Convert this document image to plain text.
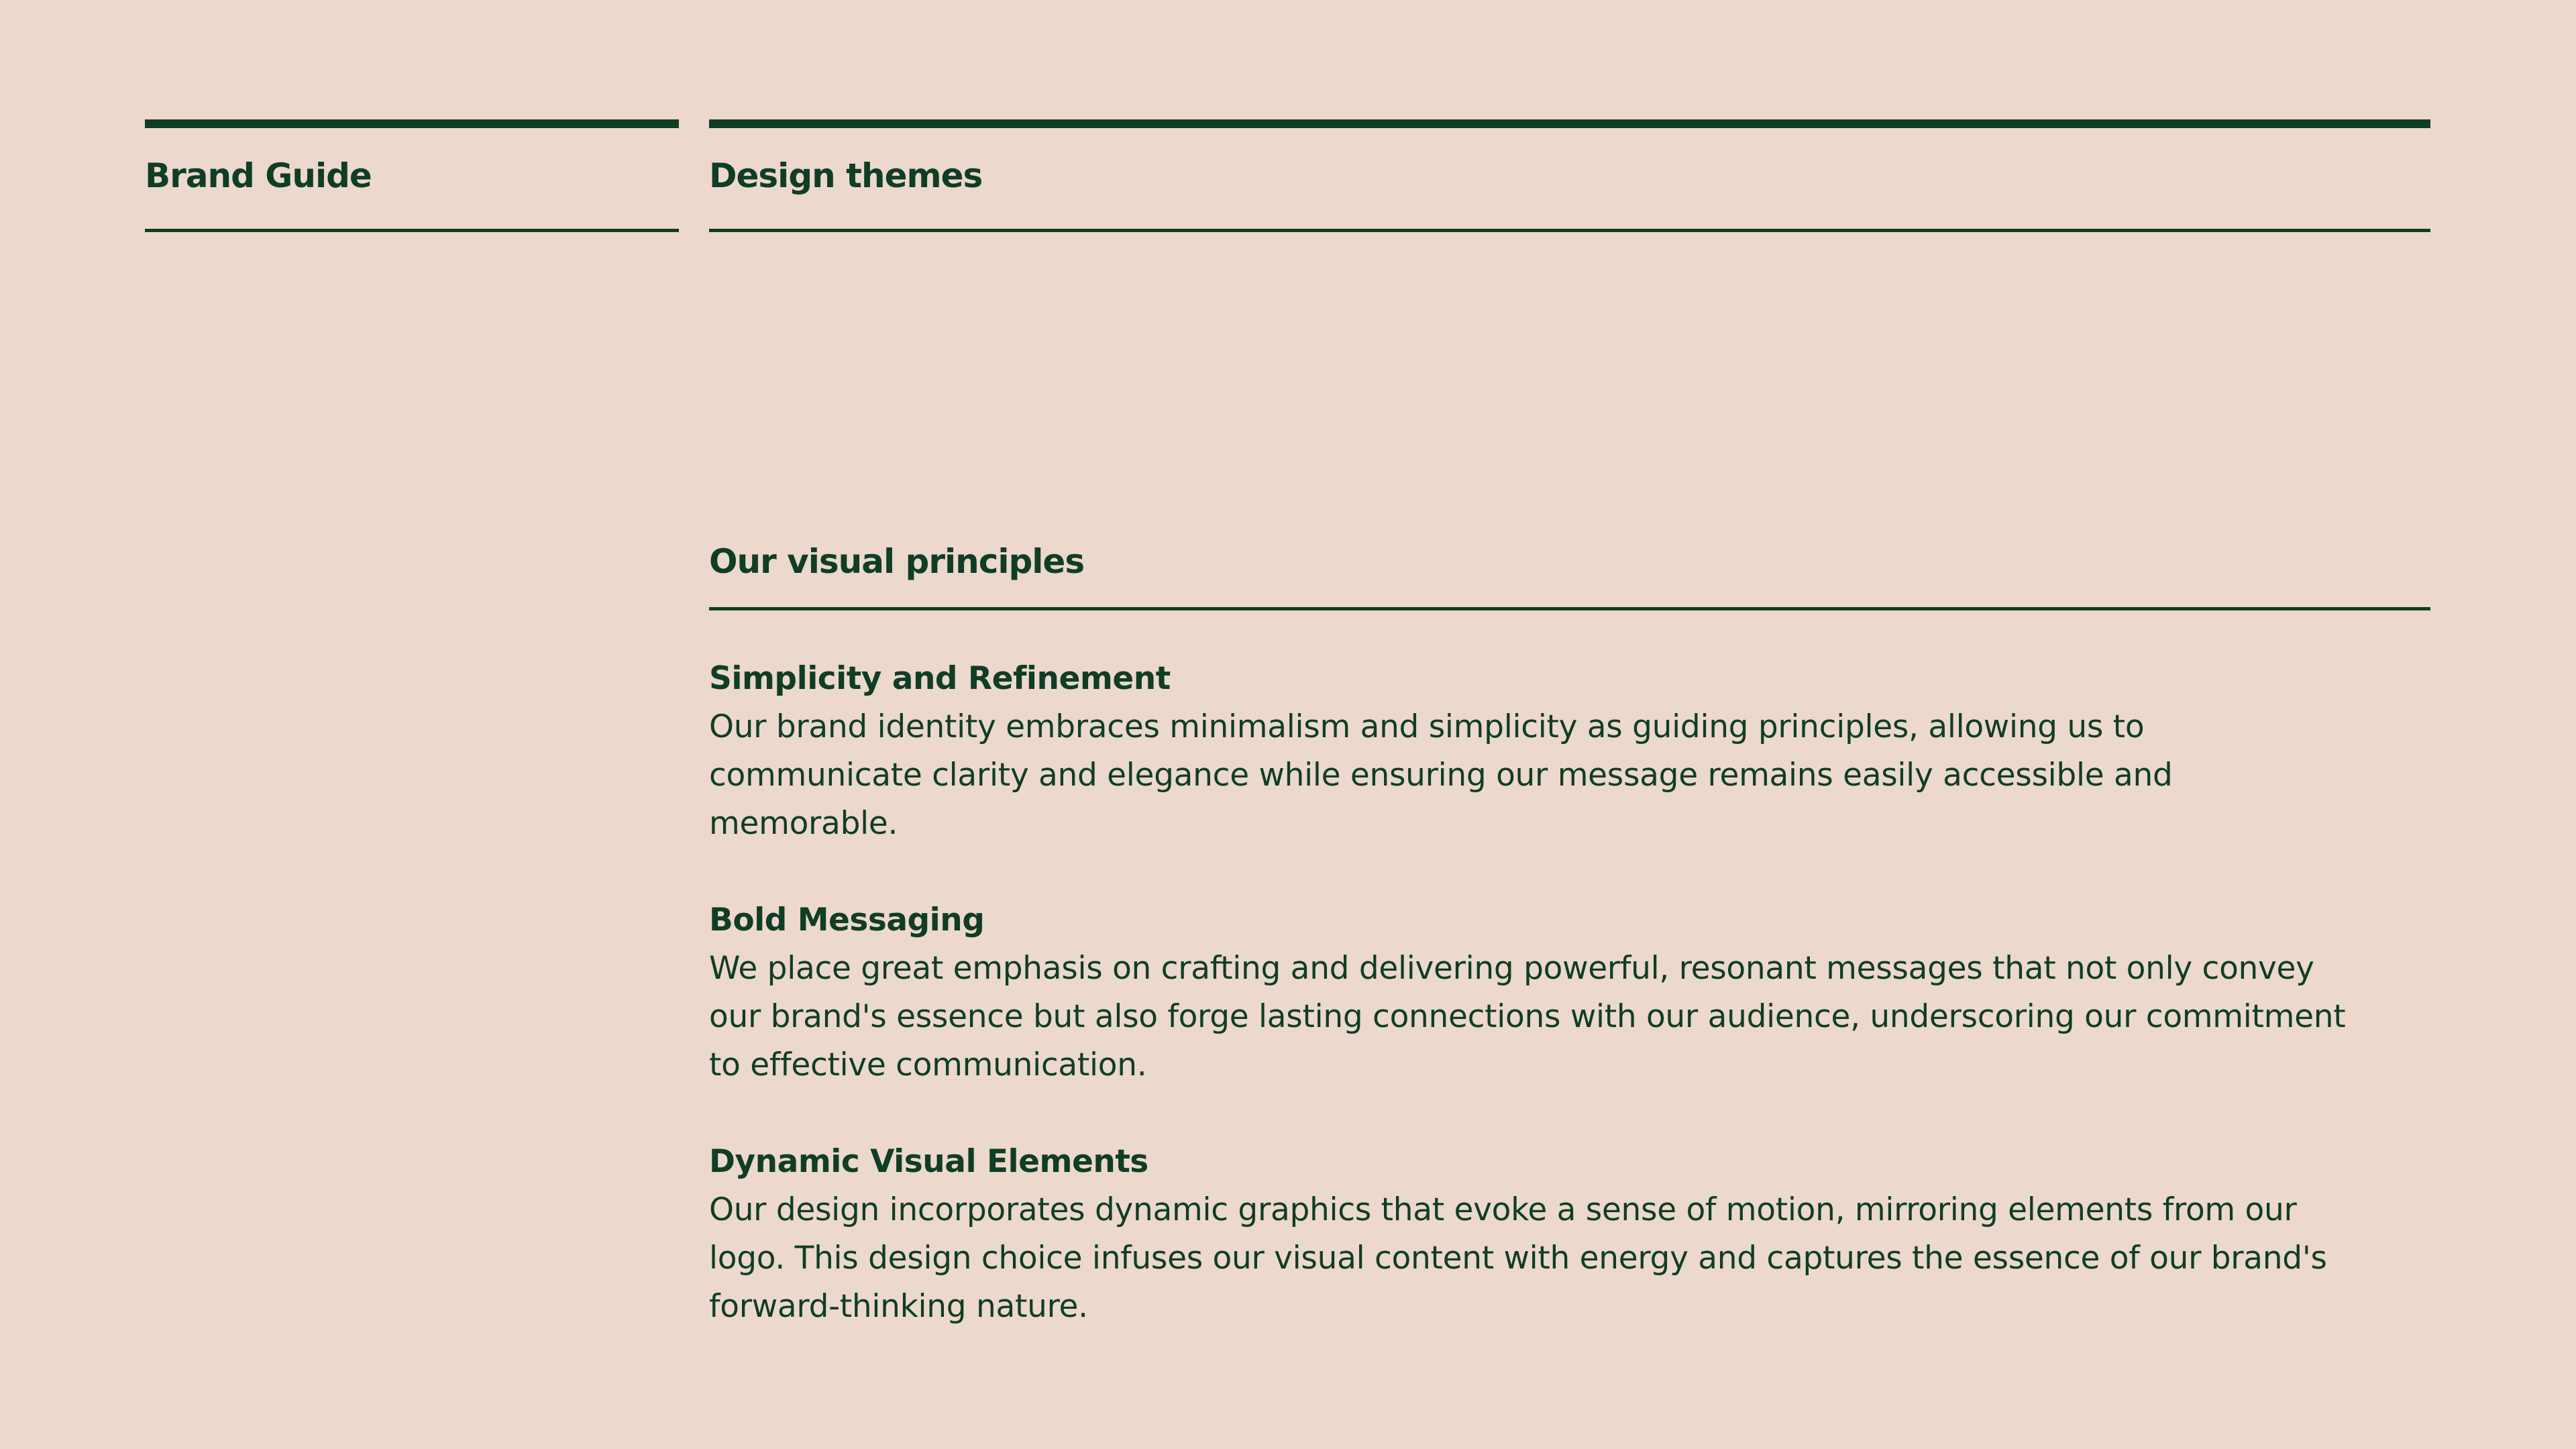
Brand Guide	Design themes
Our visual principles
Simplicity and Refinement
Our brand identity embraces minimalism and simplicity as guiding principles, allowing us to communicate clarity and elegance while ensuring our message remains easily accessible and memorable.
Bold Messaging
We place great emphasis on crafting and delivering powerful, resonant messages that not only convey our brand's essence but also forge lasting connections with our audience, underscoring our commitment to effective communication.
Dynamic Visual Elements
Our design incorporates dynamic graphics that evoke a sense of motion, mirroring elements from our logo. This design choice infuses our visual content with energy and captures the essence of our brand's forward-thinking nature.
